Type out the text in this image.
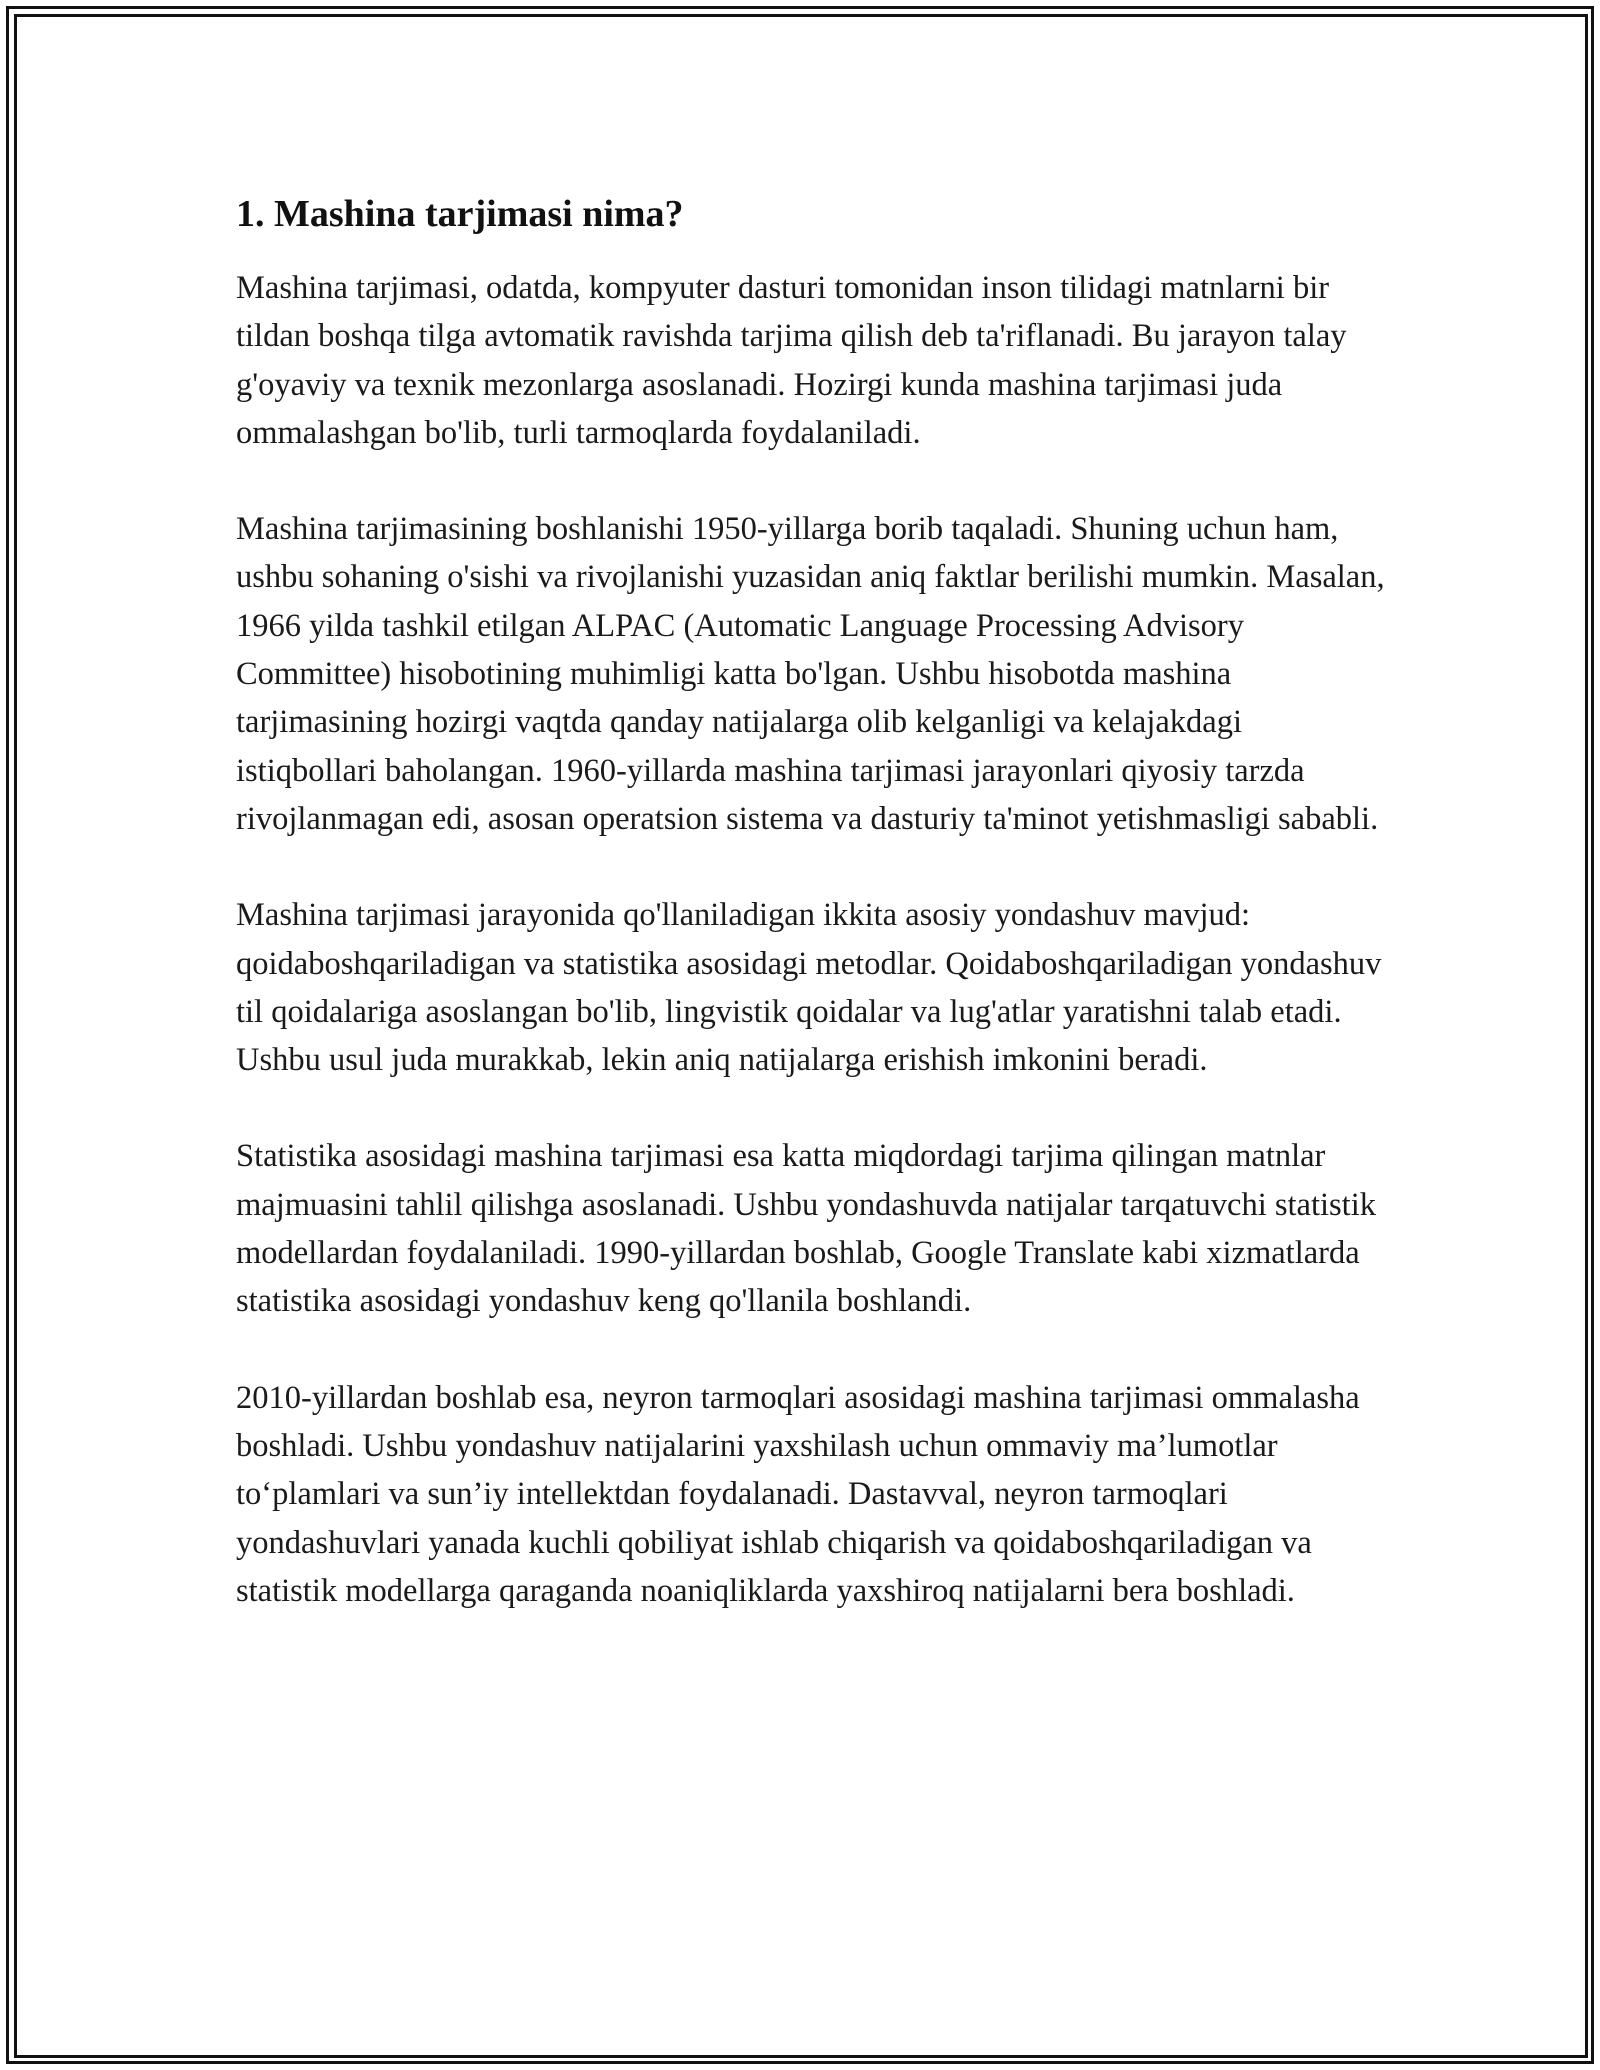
1. Mashina tarjimasi nima?

Mashina tarjimasi, odatda, kompyuter dasturi tomonidan inson tilidagi matnlarni bir tildan boshqa tilga avtomatik ravishda tarjima qilish deb ta'riflanadi. Bu jarayon talay g'oyaviy va texnik mezonlarga asoslanadi. Hozirgi kunda mashina tarjimasi juda ommalashgan bo'lib, turli tarmoqlarda foydalaniladi.

Mashina tarjimasining boshlanishi 1950-yillarga borib taqaladi. Shuning uchun ham, ushbu sohaning o'sishi va rivojlanishi yuzasidan aniq faktlar berilishi mumkin. Masalan, 1966 yilda tashkil etilgan ALPAC (Automatic Language Processing Advisory Committee) hisobotining muhimligi katta bo'lgan. Ushbu hisobotda mashina tarjimasining hozirgi vaqtda qanday natijalarga olib kelganligi va kelajakdagi istiqbollari baholangan. 1960-yillarda mashina tarjimasi jarayonlari qiyosiy tarzda rivojlanmagan edi, asosan operatsion sistema va dasturiy ta'minot yetishmasligi sababli.

Mashina tarjimasi jarayonida qo'llaniladigan ikkita asosiy yondashuv mavjud: qoidaboshqariladigan va statistika asosidagi metodlar. Qoidaboshqariladigan yondashuv til qoidalariga asoslangan bo'lib, lingvistik qoidalar va lug'atlar yaratishni talab etadi. Ushbu usul juda murakkab, lekin aniq natijalarga erishish imkonini beradi.

Statistika asosidagi mashina tarjimasi esa katta miqdordagi tarjima qilingan matnlar majmuasini tahlil qilishga asoslanadi. Ushbu yondashuvda natijalar tarqatuvchi statistik modellardan foydalaniladi. 1990-yillardan boshlab, Google Translate kabi xizmatlarda statistika asosidagi yondashuv keng qo'llanila boshlandi.

2010-yillardan boshlab esa, neyron tarmoqlari asosidagi mashina tarjimasi ommalasha boshladi. Ushbu yondashuv natijalarini yaxshilash uchun ommaviy ma’lumotlar to‘plamlari va sun’iy intellektdan foydalanadi. Dastavval, neyron tarmoqlari yondashuvlari yanada kuchli qobiliyat ishlab chiqarish va qoidaboshqariladigan va statistik modellarga qaraganda noaniqliklarda yaxshiroq natijalarni bera boshladi.
